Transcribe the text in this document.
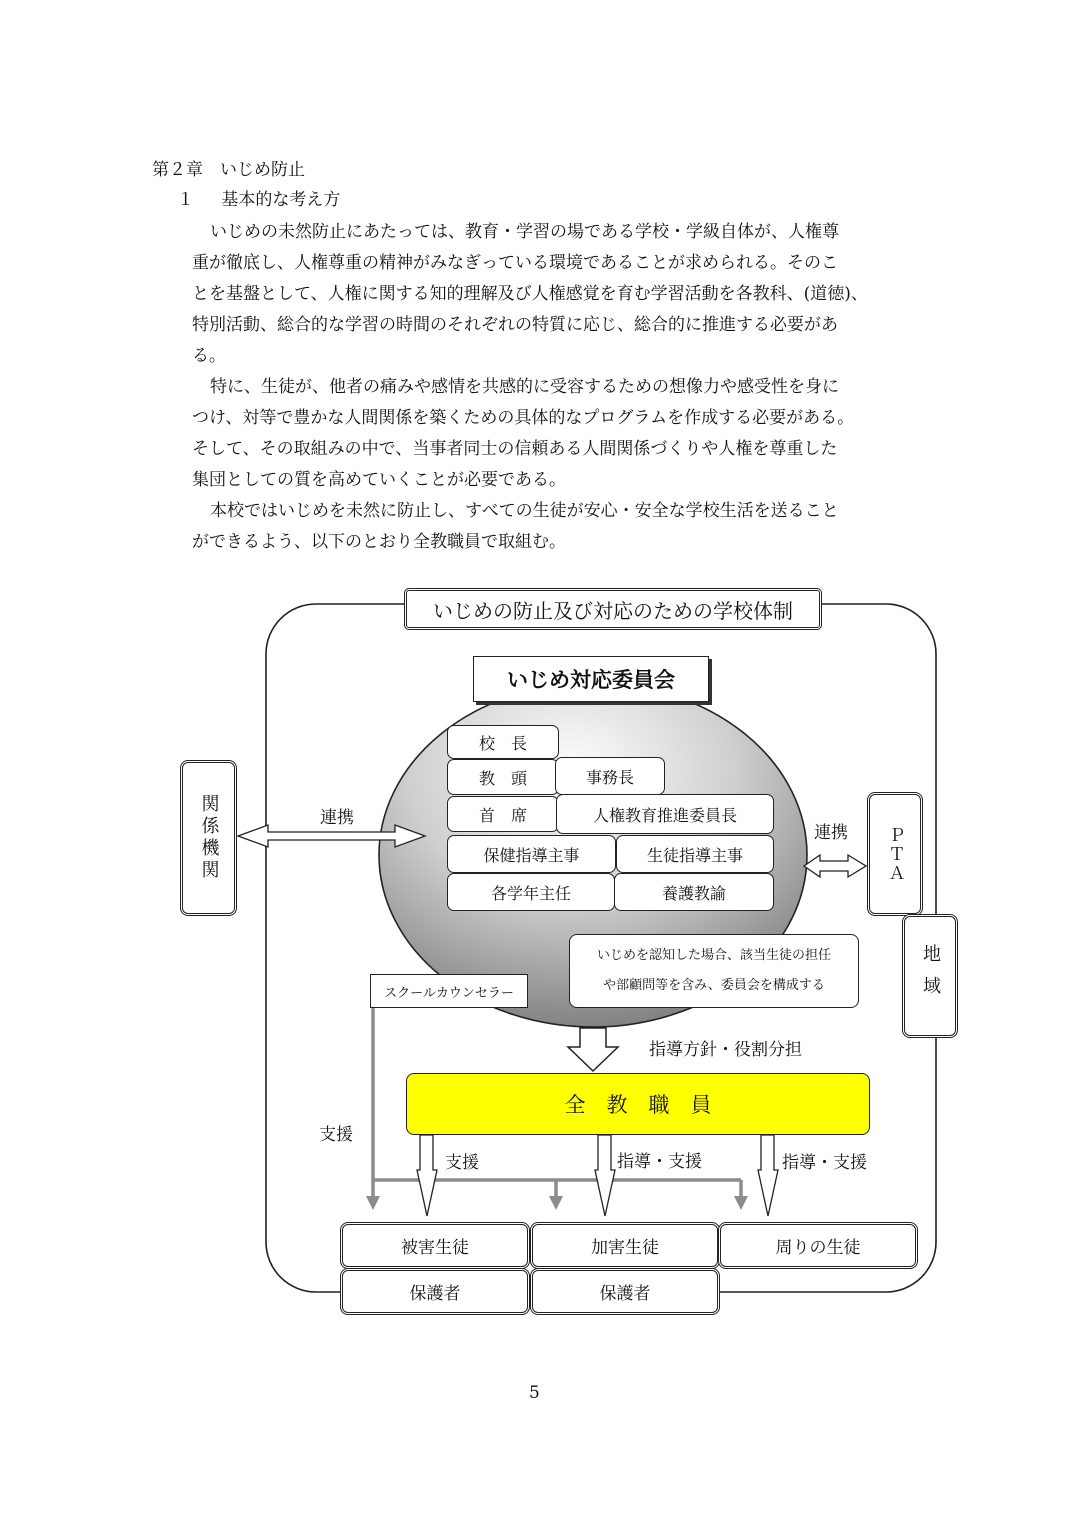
第２章　いじめ防止
１ 基本的な考え方
いじめの未然防止にあたっては、教育・学習の場である学校・学級自体が、人権尊
重が徹底し、人権尊重の精神がみなぎっている環境であることが求められる。そのこ
とを基盤として、人権に関する知的理解及び人権感覚を育む学習活動を各教科、(道徳)、
特別活動、総合的な学習の時間のそれぞれの特質に応じ、総合的に推進する必要があ
る。
特に、生徒が、他者の痛みや感情を共感的に受容するための想像力や感受性を身に
つけ、対等で豊かな人間関係を築くための具体的なプログラムを作成する必要がある。
そして、その取組みの中で、当事者同士の信頼ある人間関係づくりや人権を尊重した
集団としての質を高めていくことが必要である。
本校ではいじめを未然に防止し、すべての生徒が安心・安全な学校生活を送ること
ができるよう、以下のとおり全教職員で取組む。
いじめの防止及び対応のための学校体制
いじめ対応委員会
校　長
教　頭	事務長
首　席	人権教育推進委員長
保健指導主事	生徒指導主事
各学年主任	養護教諭
いじめを認知した場合、該当生徒の担任
や部顧問等を含み、委員会を構成する
スクールカウンセラー
関係機関	ＰＴＡ
地域
連携
連携
指導方針・役割分担
全　教　職　員
支援
支援	指導・支援	指導・支援
被害生徒	加害生徒	周りの生徒
保護者	保護者
5
